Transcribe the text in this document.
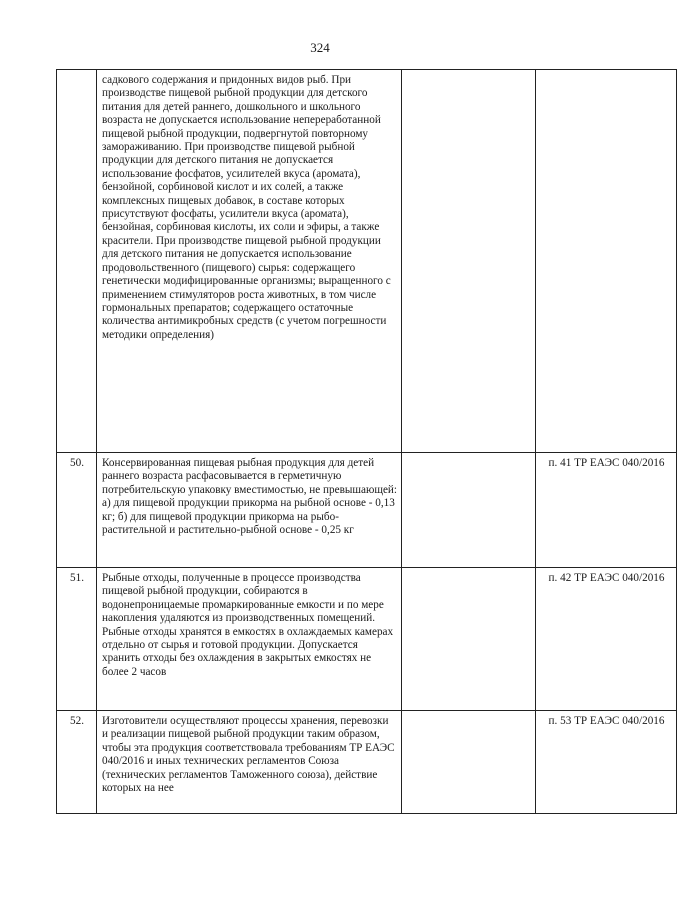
324

	садкового содержания и придонных видов рыб. При производстве пищевой рыбной продукции для детского питания для детей раннего, дошкольного и школьного возраста не допускается использование непереработанной пищевой рыбной продукции, подвергнутой повторному замораживанию. При производстве пищевой рыбной продукции для детского питания не допускается использование фосфатов, усилителей вкуса (аромата), бензойной, сорбиновой кислот и их солей, а также комплексных пищевых добавок, в составе которых присутствуют фосфаты, усилители вкуса (аромата), бензойная, сорбиновая кислоты, их соли и эфиры, а также красители. При производстве пищевой рыбной продукции для детского питания не допускается использование продовольственного (пищевого) сырья: содержащего генетически модифицированные организмы; выращенного с применением стимуляторов роста животных, в том числе гормональных препаратов; содержащего остаточные количества антимикробных средств (с учетом погрешности методики определения)		

50.	Консервированная пищевая рыбная продукция для детей раннего возраста расфасовывается в герметичную потребительскую упаковку вместимостью, не превышающей: а) для пищевой продукции прикорма на рыбной основе - 0,13 кг; б) для пищевой продукции прикорма на рыбо-растительной и растительно-рыбной основе - 0,25 кг		п. 41 ТР ЕАЭС 040/2016
51.	Рыбные отходы, полученные в процессе производства пищевой рыбной продукции, собираются в водонепроницаемые промаркированные емкости и по мере накопления удаляются из производственных помещений. Рыбные отходы хранятся в емкостях в охлаждаемых камерах отдельно от сырья и готовой продукции. Допускается хранить отходы без охлаждения в закрытых емкостях не более 2 часов		п. 42 ТР ЕАЭС 040/2016
52.	Изготовители осуществляют процессы хранения, перевозки и реализации пищевой рыбной продукции таким образом, чтобы эта продукция соответствовала требованиям ТР ЕАЭС 040/2016 и иных технических регламентов Союза (технических регламентов Таможенного союза), действие которых на нее		п. 53 ТР ЕАЭС 040/2016
